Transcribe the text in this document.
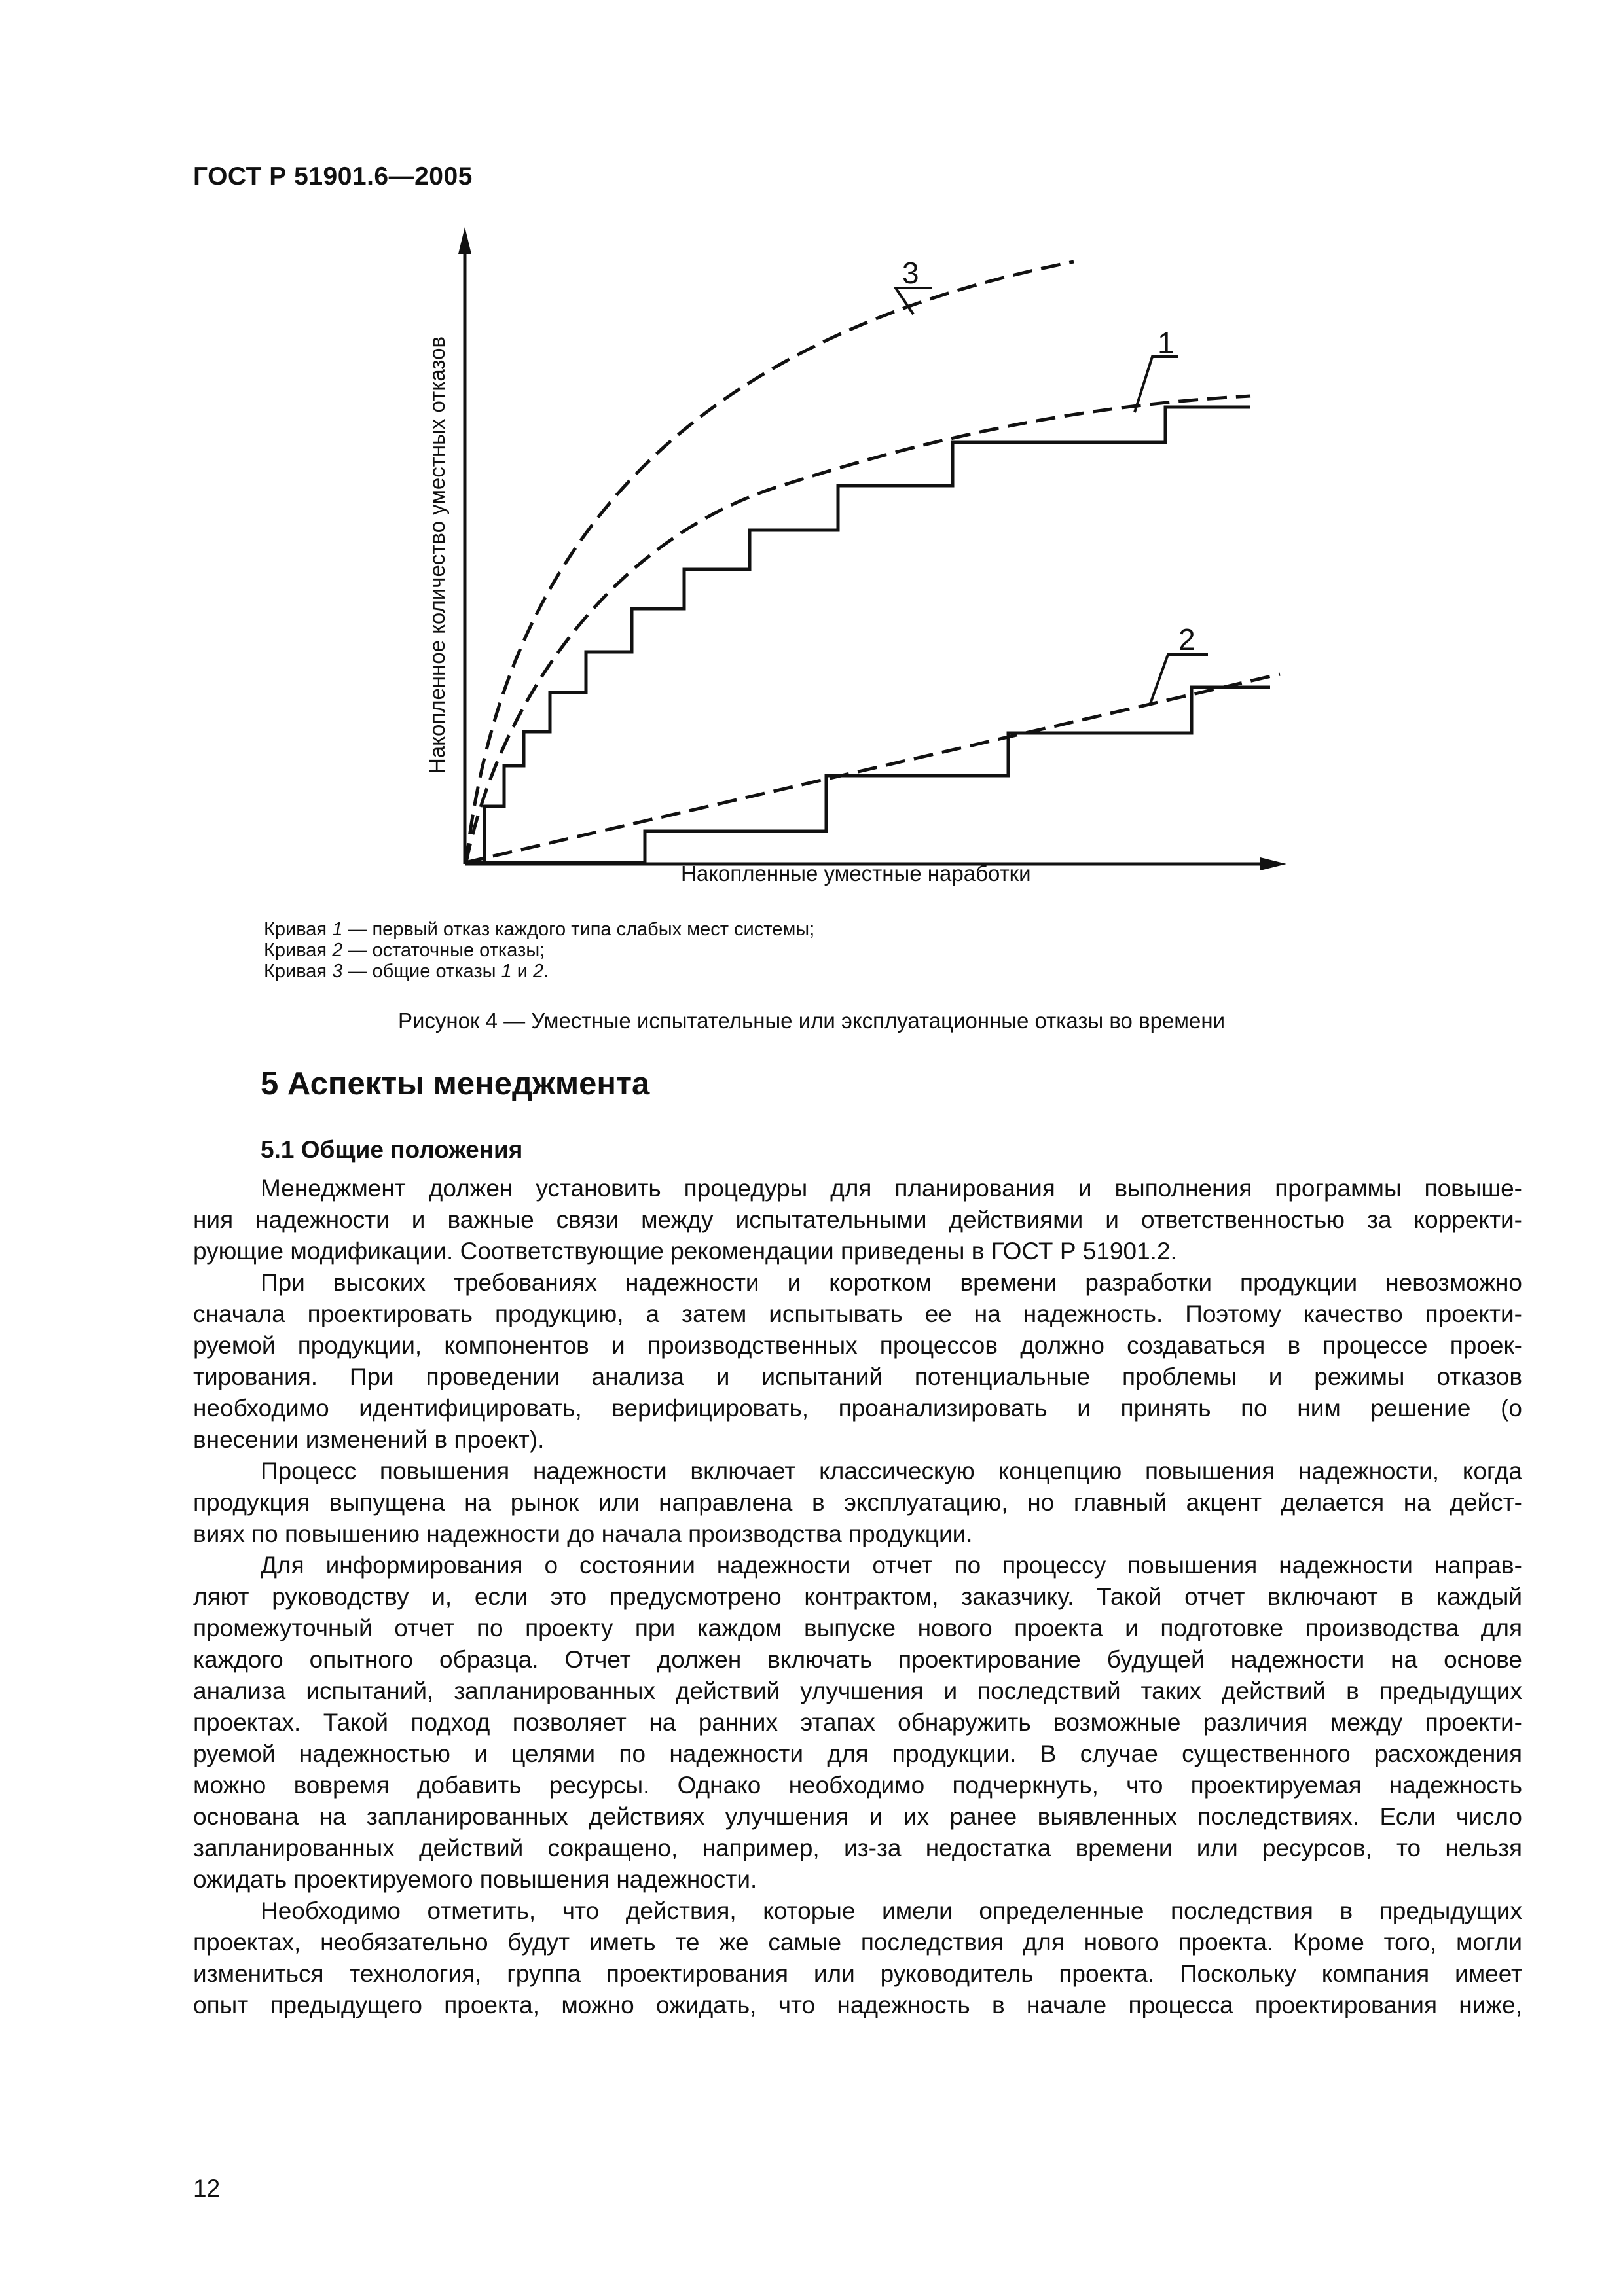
ГОСТ Р 51901.6—2005
3
1
2
Накопленное количество уместных отказов
Накопленные уместные наработки
Кривая 1 — первый отказ каждого типа слабых мест системы;
Кривая 2 — остаточные отказы;
Кривая 3 — общие отказы 1 и 2.
Рисунок 4 — Уместные испытательные или эксплуатационные отказы во времени
5 Аспекты менеджмента
5.1 Общие положения

Менеджмент должен установить процедуры для планирования и выполнения программы повыше-
ния надежности и важные связи между испытательными действиями и ответственностью за корректи-
рующие модификации. Соответствующие рекомендации приведены в ГОСТ Р 51901.2.

При высоких требованиях надежности и коротком времени разработки продукции невозможно
сначала проектировать продукцию, а затем испытывать ее на надежность. Поэтому качество проекти-
руемой продукции, компонентов и производственных процессов должно создаваться в процессе проек-
тирования. При проведении анализа и испытаний потенциальные проблемы и режимы отказов
необходимо идентифицировать, верифицировать, проанализировать и принять по ним решение (о
внесении изменений в проект).

Процесс повышения надежности включает классическую концепцию повышения надежности, когда
продукция выпущена на рынок или направлена в эксплуатацию, но главный акцент делается на дейст-
виях по повышению надежности до начала производства продукции.

Для информирования о состоянии надежности отчет по процессу повышения надежности направ-
ляют руководству и, если это предусмотрено контрактом, заказчику. Такой отчет включают в каждый
промежуточный отчет по проекту при каждом выпуске нового проекта и подготовке производства для
каждого опытного образца. Отчет должен включать проектирование будущей надежности на основе
анализа испытаний, запланированных действий улучшения и последствий таких действий в предыдущих
проектах. Такой подход позволяет на ранних этапах обнаружить возможные различия между проекти-
руемой надежностью и целями по надежности для продукции. В случае существенного расхождения
можно вовремя добавить ресурсы. Однако необходимо подчеркнуть, что проектируемая надежность
основана на запланированных действиях улучшения и их ранее выявленных последствиях. Если число
запланированных действий сокращено, например, из-за недостатка времени или ресурсов, то нельзя
ожидать проектируемого повышения надежности.

Необходимо отметить, что действия, которые имели определенные последствия в предыдущих
проектах, необязательно будут иметь те же самые последствия для нового проекта. Кроме того, могли
измениться технология, группа проектирования или руководитель проекта. Поскольку компания имеет
опыт предыдущего проекта, можно ожидать, что надежность в начале процесса проектирования ниже,

12
